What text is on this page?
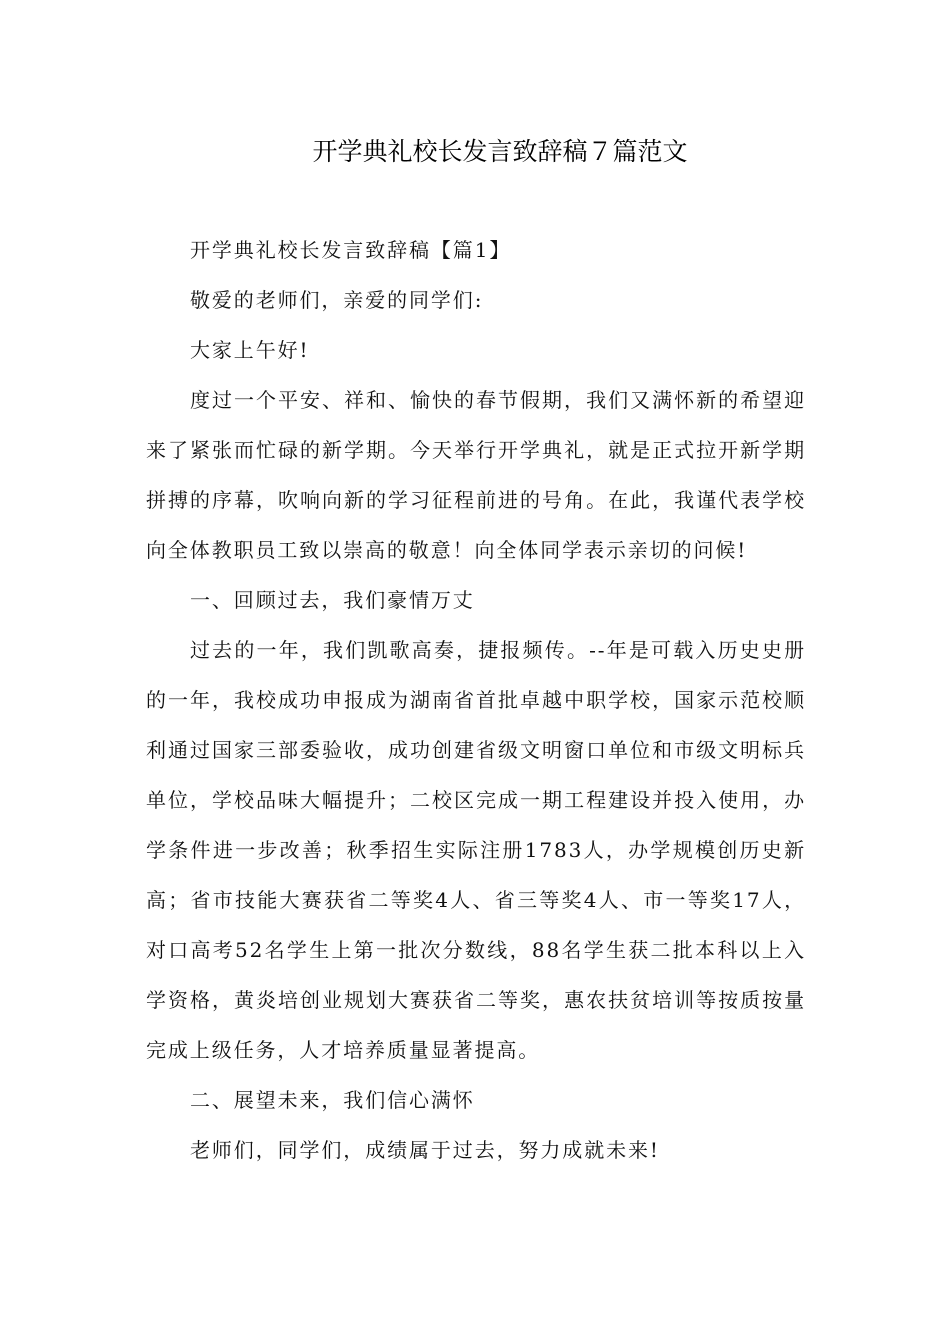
开学典礼校长发言致辞稿７篇范文

开学典礼校长发言致辞稿【篇1】

敬爱的老师们，亲爱的同学们:

大家上午好!

度过一个平安、祥和、愉快的春节假期，我们又满怀新的希望迎来了紧张而忙碌的新学期。今天举行开学典礼，就是正式拉开新学期拼搏的序幕，吹响向新的学习征程前进的号角。在此，我谨代表学校向全体教职员工致以崇高的敬意！向全体同学表示亲切的问候!

一、回顾过去，我们豪情万丈

过去的一年，我们凯歌高奏，捷报频传。--年是可载入历史史册的一年，我校成功申报成为湖南省首批卓越中职学校，国家示范校顺利通过国家三部委验收，成功创建省级文明窗口单位和市级文明标兵单位，学校品味大幅提升；二校区完成一期工程建设并投入使用，办学条件进一步改善；秋季招生实际注册1783人，办学规模创历史新高；省市技能大赛获省二等奖4人、省三等奖4人、市一等奖17人，对口高考52名学生上第一批次分数线，88名学生获二批本科以上入学资格，黄炎培创业规划大赛获省二等奖，惠农扶贫培训等按质按量完成上级任务，人才培养质量显著提高。

二、展望未来，我们信心满怀

老师们，同学们，成绩属于过去，努力成就未来!
